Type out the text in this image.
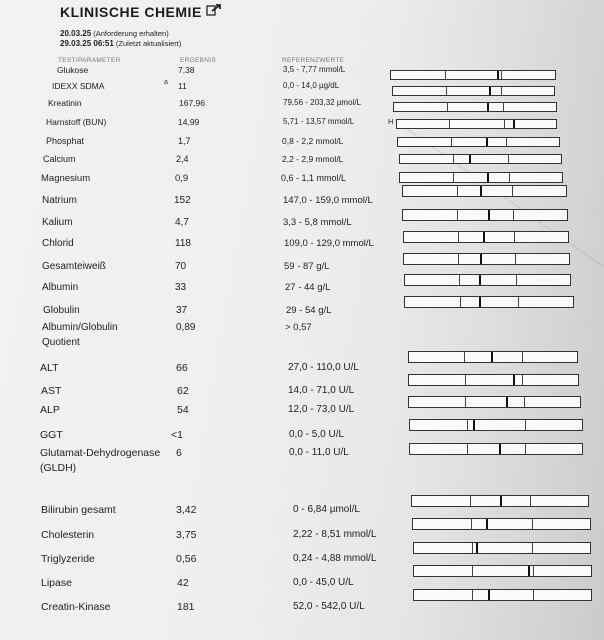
KLINISCHE CHEMIE
20.03.25 (Anforderung erhalten)
29.03.25 06:51 (Zuletzt aktualisiert)
TEST/PARAMETER	ERGEBNIS	REFERENZWERTE
Glukose	7,38	3,5 - 7,77 mmol/L
IDEXX SDMA	11	0,0 - 14,0 µg/dL
a
Kreatinin	167,96	79,56 - 203,32 µmol/L
Harnstoff (BUN)	14,99	5,71 - 13,57 mmol/L	H
Phosphat	1,7	0,8 - 2,2 mmol/L
Calcium	2,4	2,2 - 2,9 mmol/L
Magnesium	0,9	0,6 - 1,1 mmol/L
Natrium	152	147,0 - 159,0 mmol/L
Kalium	4,7	3,3 - 5,8 mmol/L
Chlorid	118	109,0 - 129,0 mmol/L
Gesamteiweiß	70	59 - 87 g/L
Albumin	33	27 - 44 g/L
Globulin	37	29 - 54 g/L
Albumin/Globulin
Quotient
0,89	> 0,57
ALT	66	27,0 - 110,0 U/L
AST	62	14,0 - 71,0 U/L
ALP	54	12,0 - 73,0 U/L
GGT	<1	0,0 - 5,0 U/L
Glutamat-Dehydrogenase
(GLDH)
6	0,0 - 11,0 U/L
Bilirubin gesamt	3,42	0 - 6,84 µmol/L
Cholesterin	3,75	2,22 - 8,51 mmol/L
Triglyzeride	0,56	0,24 - 4,88 mmol/L
Lipase	42	0,0 - 45,0 U/L
Creatin-Kinase	181	52,0 - 542,0 U/L
